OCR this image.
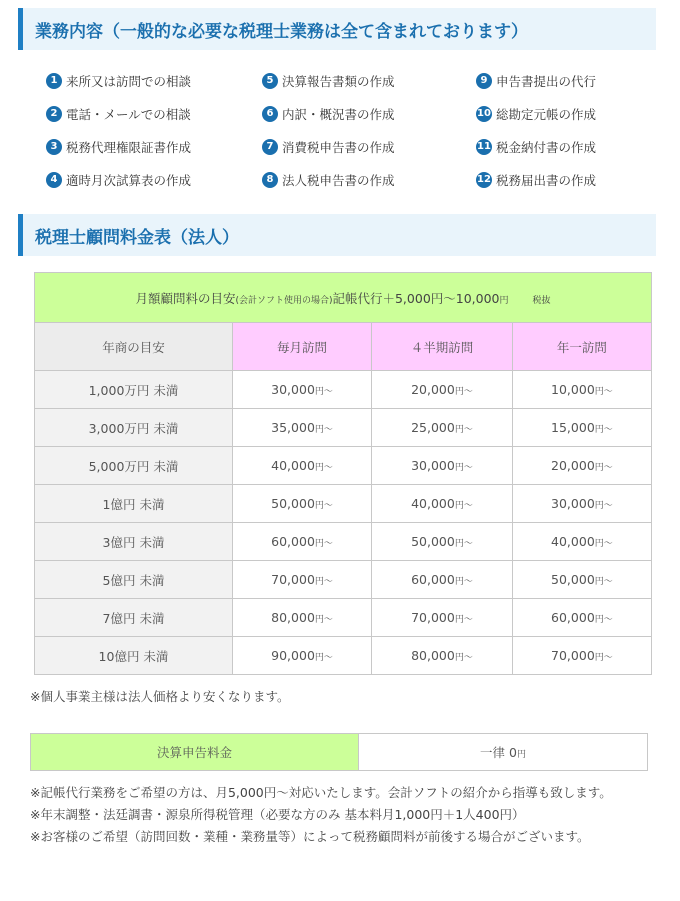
業務内容（一般的な必要な税理士業務は全て含まれております）
1 来所又は訪問での相談
2 電話・メールでの相談
3 税務代理権限証書作成
4 適時月次試算表の作成
5 決算報告書類の作成
6 内訳・概況書の作成
7 消費税申告書の作成
8 法人税申告書の作成
9 申告書提出の代行
10 総勘定元帳の作成
11 税金納付書の作成
12 税務届出書の作成
税理士顧問料金表（法人）
月額顧問料の目安(会計ソフト使用の場合)記帳代行＋5,000円〜10,000円 税抜			
年商の目安	毎月訪問	４半期訪問	年一訪問
1,000万円 未満	30,000円〜	20,000円〜	10,000円〜
3,000万円 未満	35,000円〜	25,000円〜	15,000円〜
5,000万円 未満	40,000円〜	30,000円〜	20,000円〜
1億円 未満	50,000円〜	40,000円〜	30,000円〜
3億円 未満	60,000円〜	50,000円〜	40,000円〜
5億円 未満	70,000円〜	60,000円〜	50,000円〜
7億円 未満	80,000円〜	70,000円〜	60,000円〜
10億円 未満	90,000円〜	80,000円〜	70,000円〜
※個人事業主様は法人価格より安くなります。
決算申告料金	一律 0円
※記帳代行業務をご希望の方は、月5,000円〜対応いたします。会計ソフトの紹介から指導も致します。
※年末調整・法廷調書・源泉所得税管理（必要な方のみ 基本料月1,000円＋1人400円）
※お客様のご希望（訪問回数・業種・業務量等）によって税務顧問料が前後する場合がございます。
